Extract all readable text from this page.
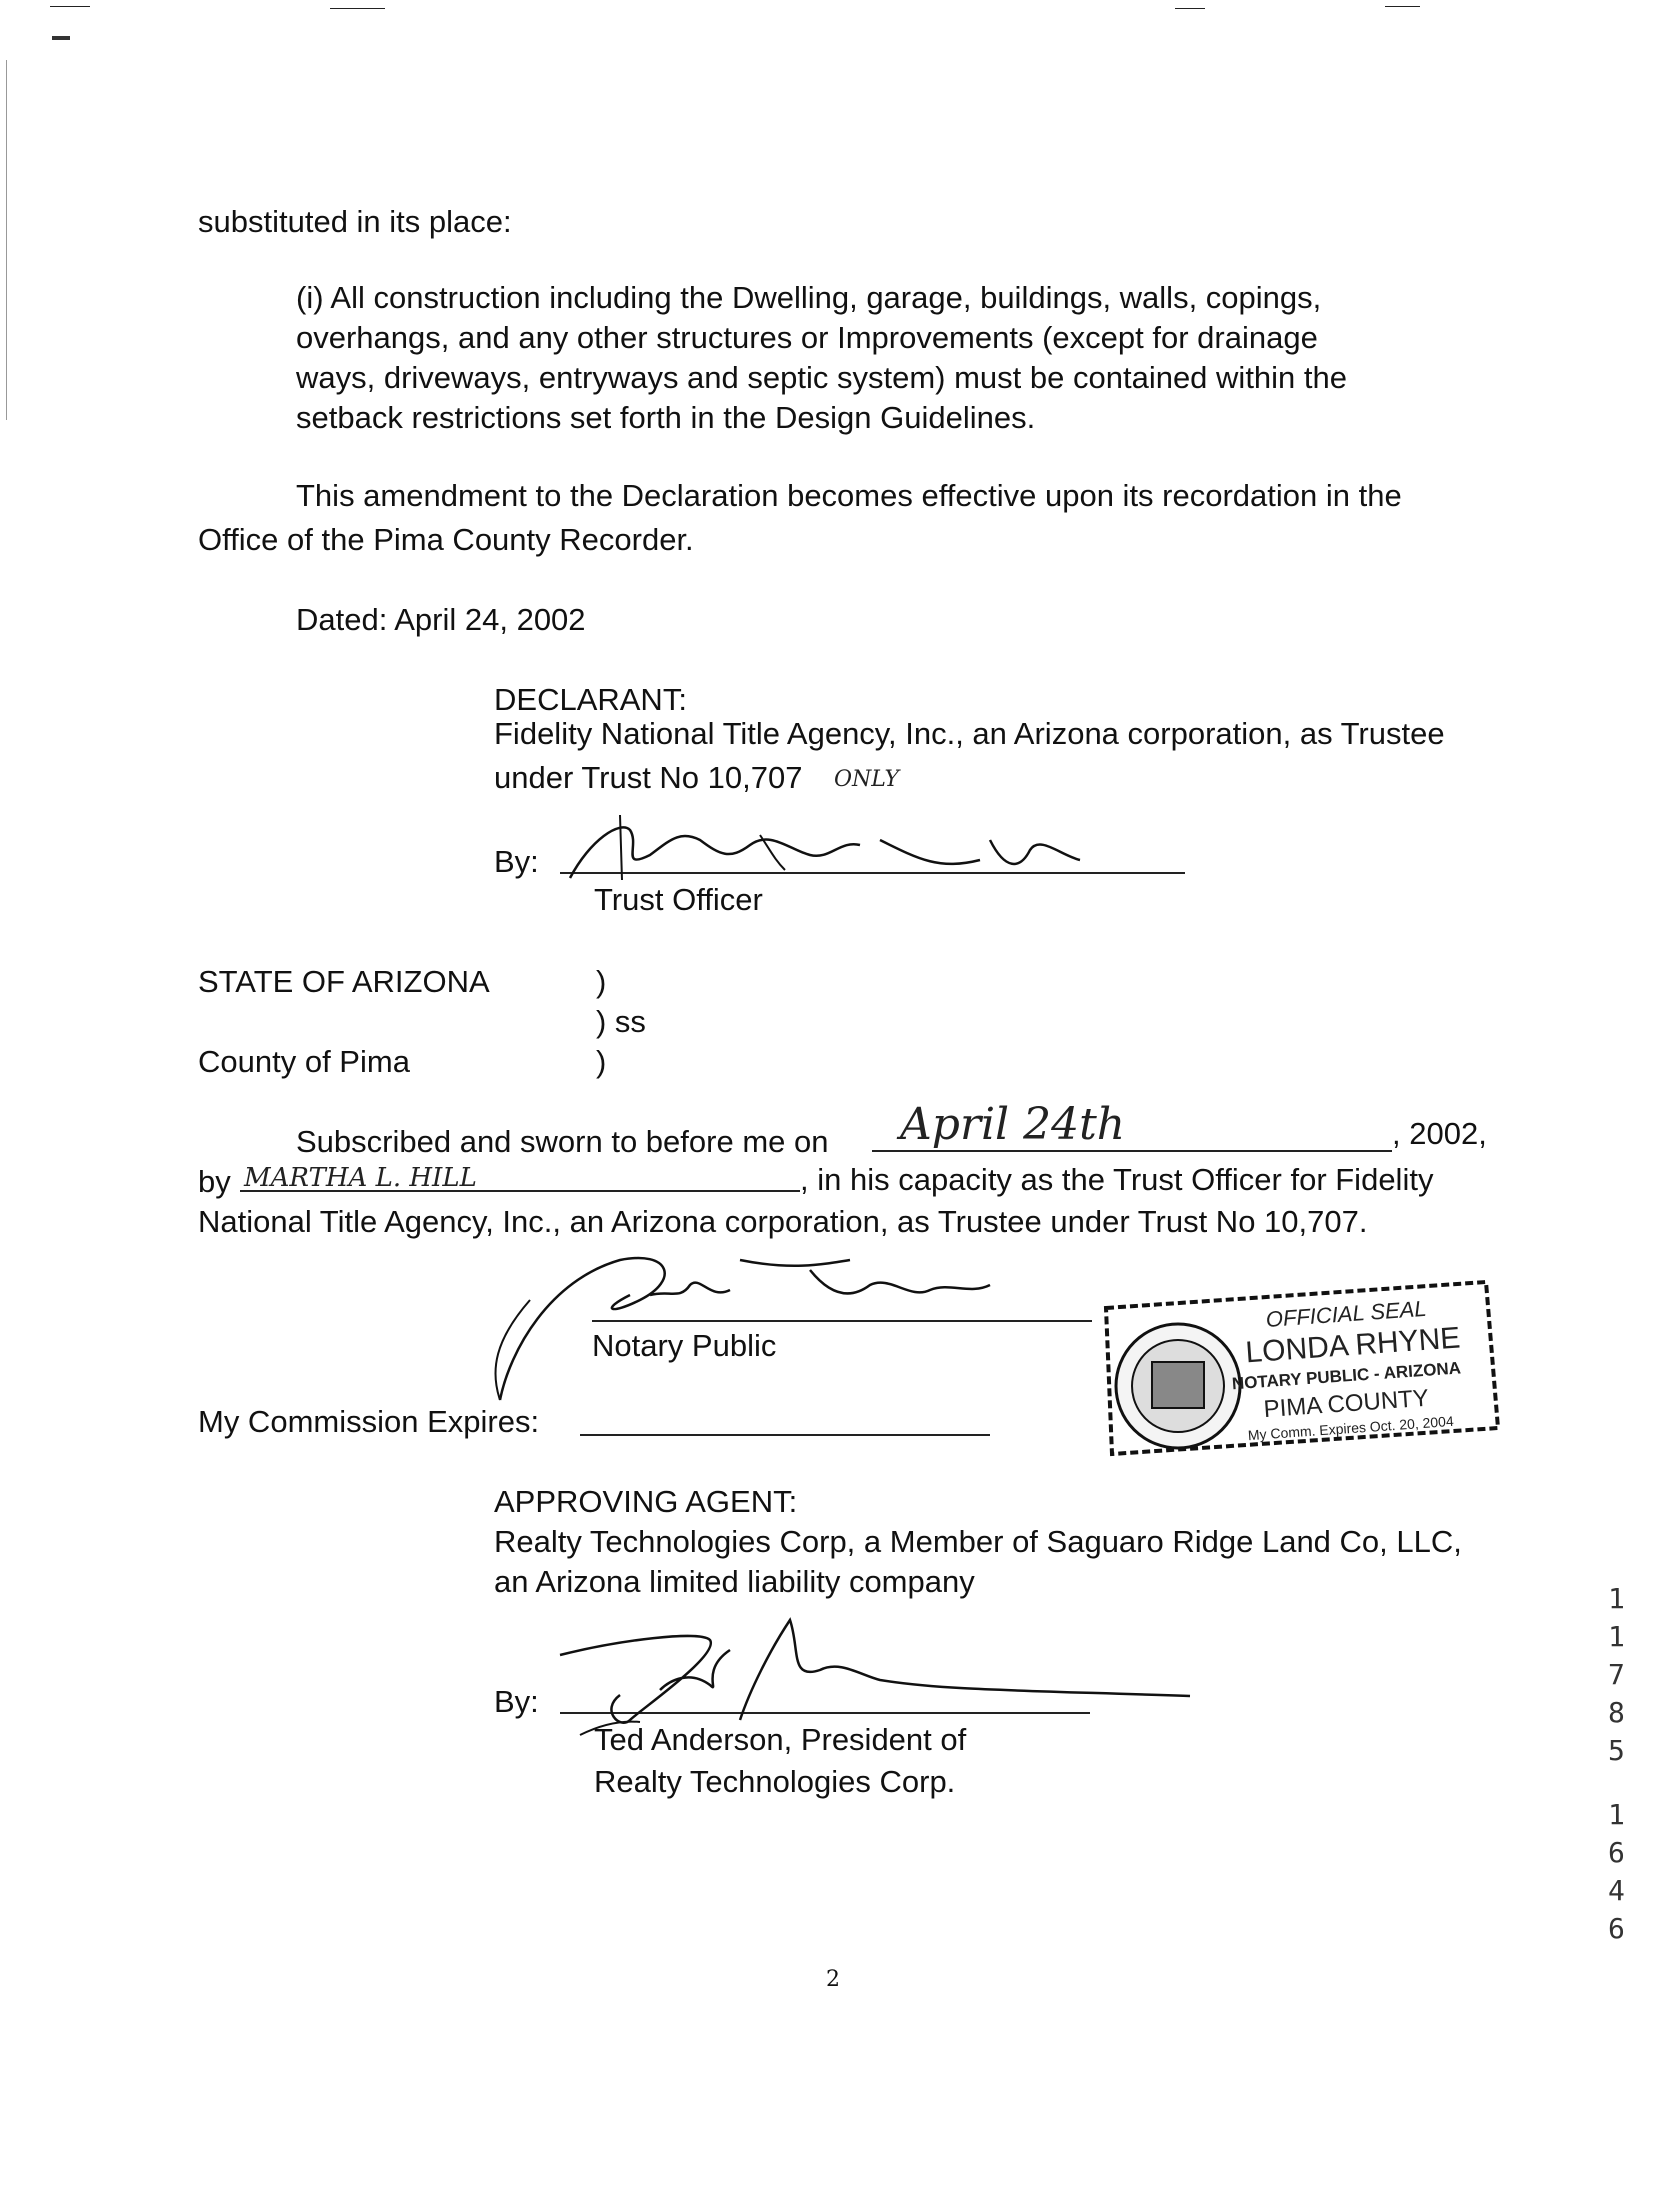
substituted in its place:
(i) All construction including the Dwelling, garage, buildings, walls, copings,
overhangs, and any other structures or Improvements (except for drainage
ways, driveways, entryways and septic system) must be contained within the
setback restrictions set forth in the Design Guidelines.
This amendment to the Declaration becomes effective upon its recordation in the
Office of the Pima County Recorder.
Dated: April 24, 2002
DECLARANT:
Fidelity National Title Agency, Inc., an Arizona corporation, as Trustee
under Trust No 10,707 ONLY
By:
Trust Officer
STATE OF ARIZONA	)
) ss
County of Pima	)
Subscribed and sworn to before me on April 24th	, 2002,
by MARTHA L. HILL	, in his capacity as the Trust Officer for Fidelity
National Title Agency, Inc., an Arizona corporation, as Trustee under Trust No 10,707.
Notary Public
My Commission Expires:
OFFICIAL SEAL
LONDA RHYNE
NOTARY PUBLIC - ARIZONA
PIMA COUNTY
My Comm. Expires Oct. 20, 2004
APPROVING AGENT:
Realty Technologies Corp, a Member of Saguaro Ridge Land Co, LLC,
an Arizona limited liability company
By:
Ted Anderson, President of
Realty Technologies Corp.
2
11785
1646
